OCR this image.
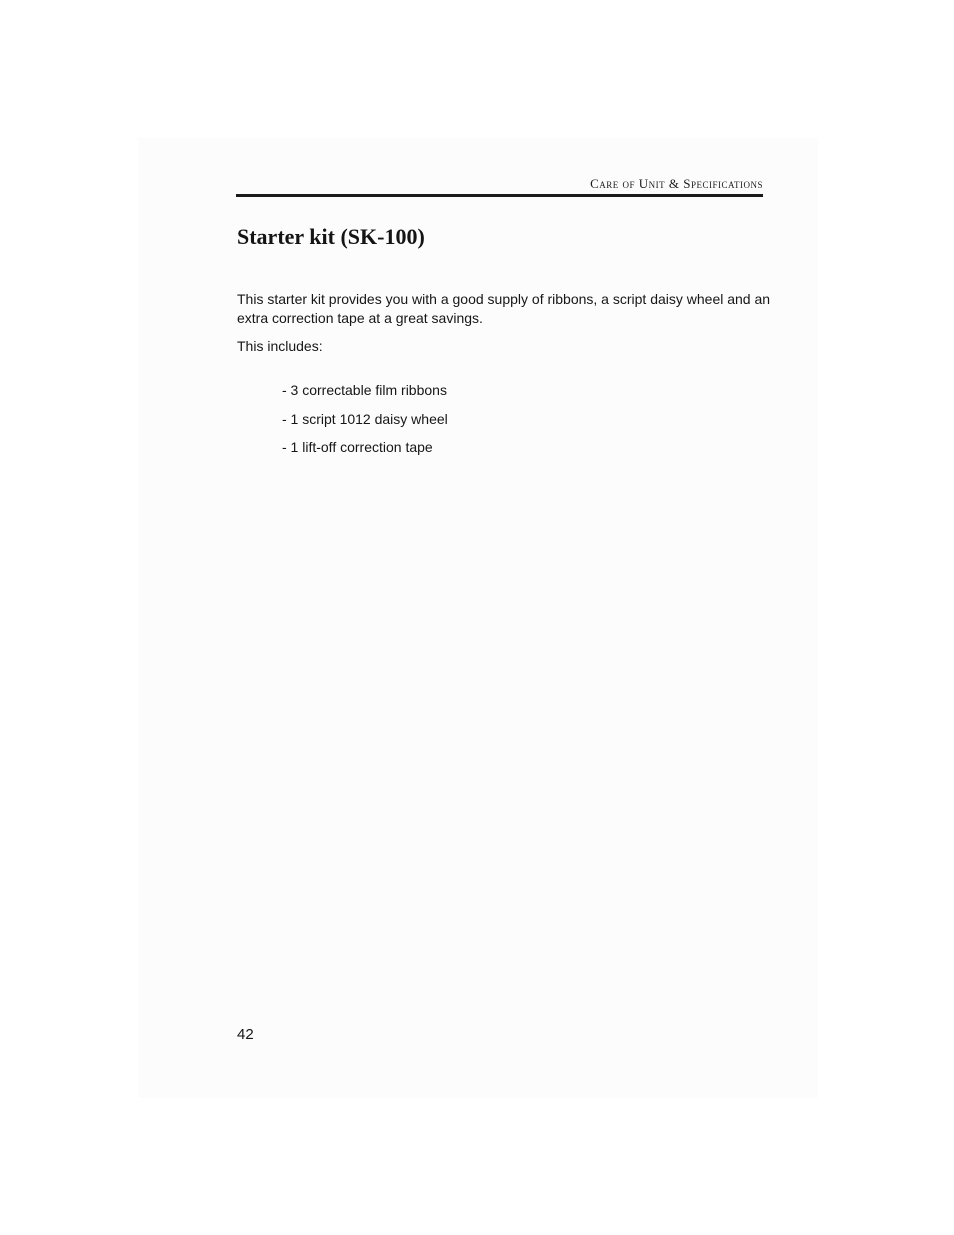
Care of Unit & Specifications
Starter kit (SK-100)

This starter kit provides you with a good supply of ribbons, a script daisy wheel and an extra correction tape at a great savings.

This includes:

- 3 correctable film ribbons
- 1 script 1012 daisy wheel
- 1 lift-off correction tape
42
